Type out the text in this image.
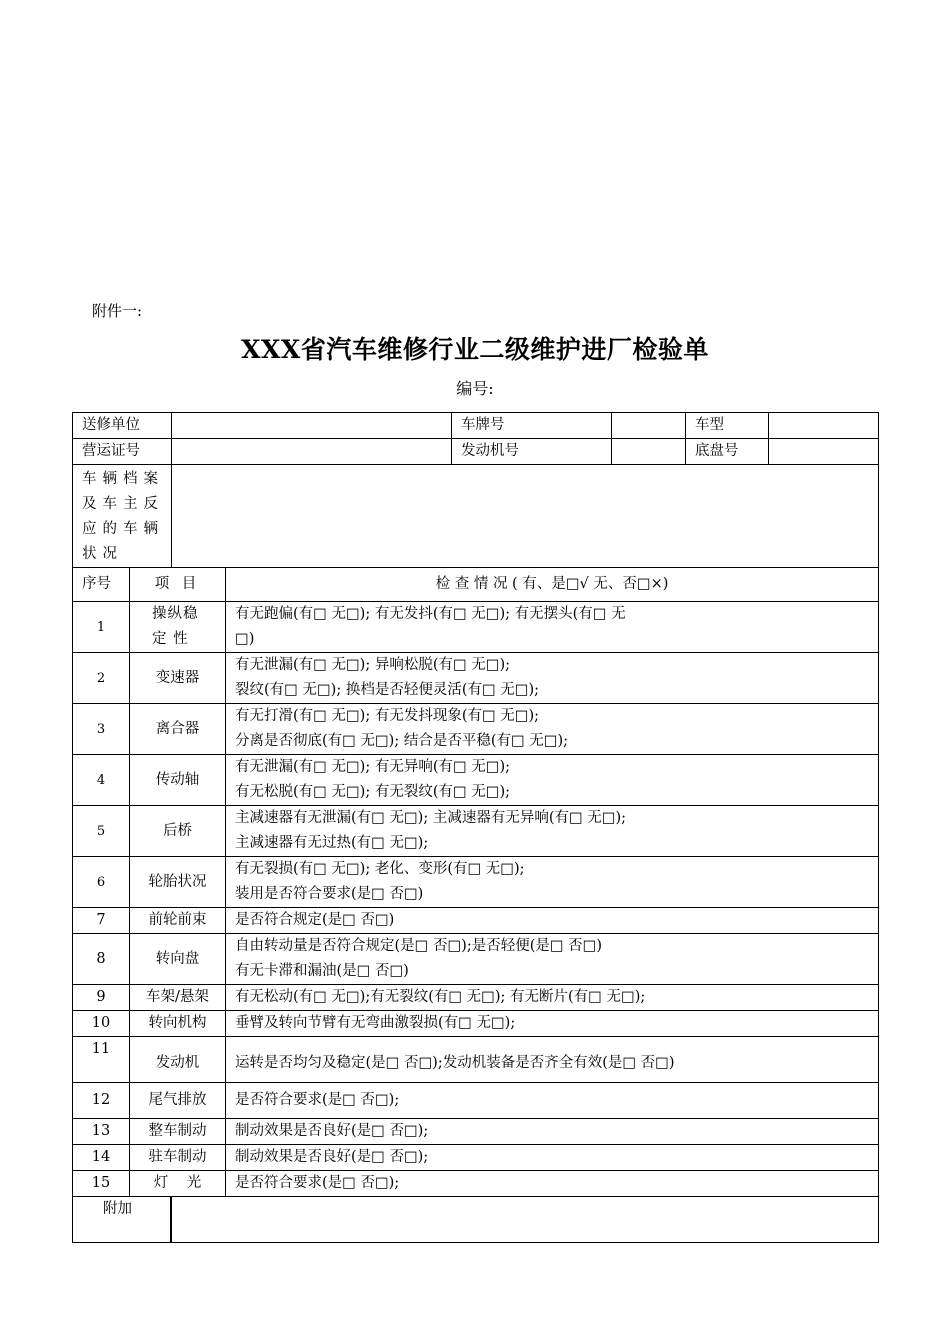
附件一:
XXX省汽车维修行业二级维护进厂检验单
编号:
送修单位				车牌号		车型

营运证号				发动机号		底盘号

车辆档案及车主反应的车辆状况						
序号	项 目		检 查 情 况 ( 有、是□√ 无、否□×)			
1	操纵稳定 性		有无跑偏(有□ 无□); 有无发抖(有□ 无□); 有无摆头(有□ 无
□)			

2	变速器		有无泄漏(有□ 无□); 异响松脱(有□ 无□);
裂纹(有□ 无□); 换档是否轻便灵活(有□ 无□);			

3	离合器		有无打滑(有□ 无□); 有无发抖现象(有□ 无□);
分离是否彻底(有□ 无□); 结合是否平稳(有□ 无□);			

4	传动轴		有无泄漏(有□ 无□); 有无异响(有□ 无□);
有无松脱(有□ 无□); 有无裂纹(有□ 无□);			

5	后桥		主减速器有无泄漏(有□ 无□); 主减速器有无异响(有□ 无□);
主减速器有无过热(有□ 无□);			

6	轮胎状况		有无裂损(有□ 无□); 老化、变形(有□ 无□);
装用是否符合要求(是□ 否□)			

7	前轮前束		是否符合规定(是□ 否□)			

8	转向盘		自由转动量是否符合规定(是□ 否□);是否轻便(是□ 否□)
有无卡滞和漏油(是□ 否□)			

9	车架/悬架		有无松动(有□ 无□);有无裂纹(有□ 无□); 有无断片(有□ 无□);			

10	转向机构		垂臂及转向节臂有无弯曲激裂损(有□ 无□);			

11	发动机		运转是否均匀及稳定(是□ 否□);发动机装备是否齐全有效(是□ 否□)			

12	尾气排放		是否符合要求(是□ 否□);			

13	整车制动		制动效果是否良好(是□ 否□);			

14	驻车制动		制动效果是否良好(是□ 否□);			

15	灯    光		是否符合要求(是□ 否□);			

附加						
